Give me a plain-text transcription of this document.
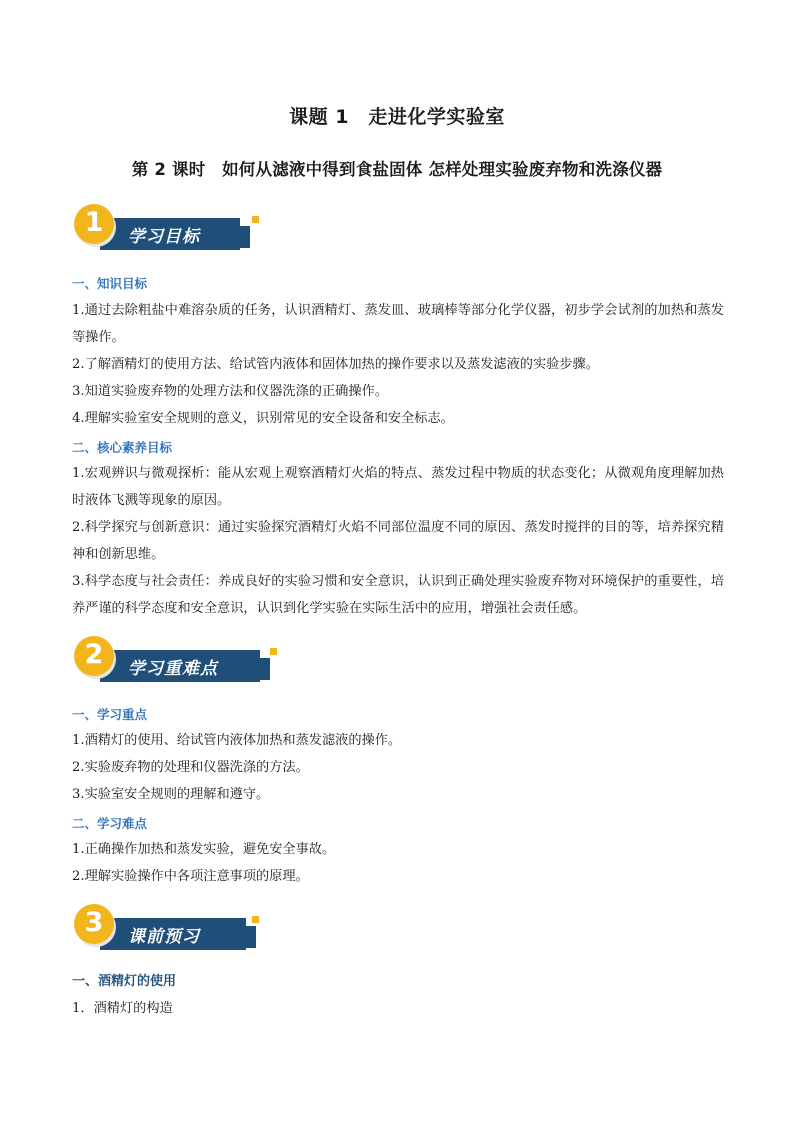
课题 1　走进化学实验室
第 2 课时　如何从滤液中得到食盐固体 怎样处理实验废弃物和洗涤仪器
学习目标
1
一、知识目标
1.通过去除粗盐中难溶杂质的任务，认识酒精灯、蒸发皿、玻璃棒等部分化学仪器，初步学会试剂的加热和蒸发等操作。
2.了解酒精灯的使用方法、给试管内液体和固体加热的操作要求以及蒸发滤液的实验步骤。
3.知道实验废弃物的处理方法和仪器洗涤的正确操作。
4.理解实验室安全规则的意义，识别常见的安全设备和安全标志。
二、核心素养目标
1.宏观辨识与微观探析：能从宏观上观察酒精灯火焰的特点、蒸发过程中物质的状态变化；从微观角度理解加热时液体飞溅等现象的原因。
2.科学探究与创新意识：通过实验探究酒精灯火焰不同部位温度不同的原因、蒸发时搅拌的目的等，培养探究精神和创新思维。
3.科学态度与社会责任：养成良好的实验习惯和安全意识，认识到正确处理实验废弃物对环境保护的重要性，培养严谨的科学态度和安全意识，认识到化学实验在实际生活中的应用，增强社会责任感。
学习重难点
2
一、学习重点
1.酒精灯的使用、给试管内液体加热和蒸发滤液的操作。
2.实验废弃物的处理和仪器洗涤的方法。
3.实验室安全规则的理解和遵守。
二、学习难点
1.正确操作加热和蒸发实验，避免安全事故。
2.理解实验操作中各项注意事项的原理。
课前预习
3
一、酒精灯的使用
1．酒精灯的构造
